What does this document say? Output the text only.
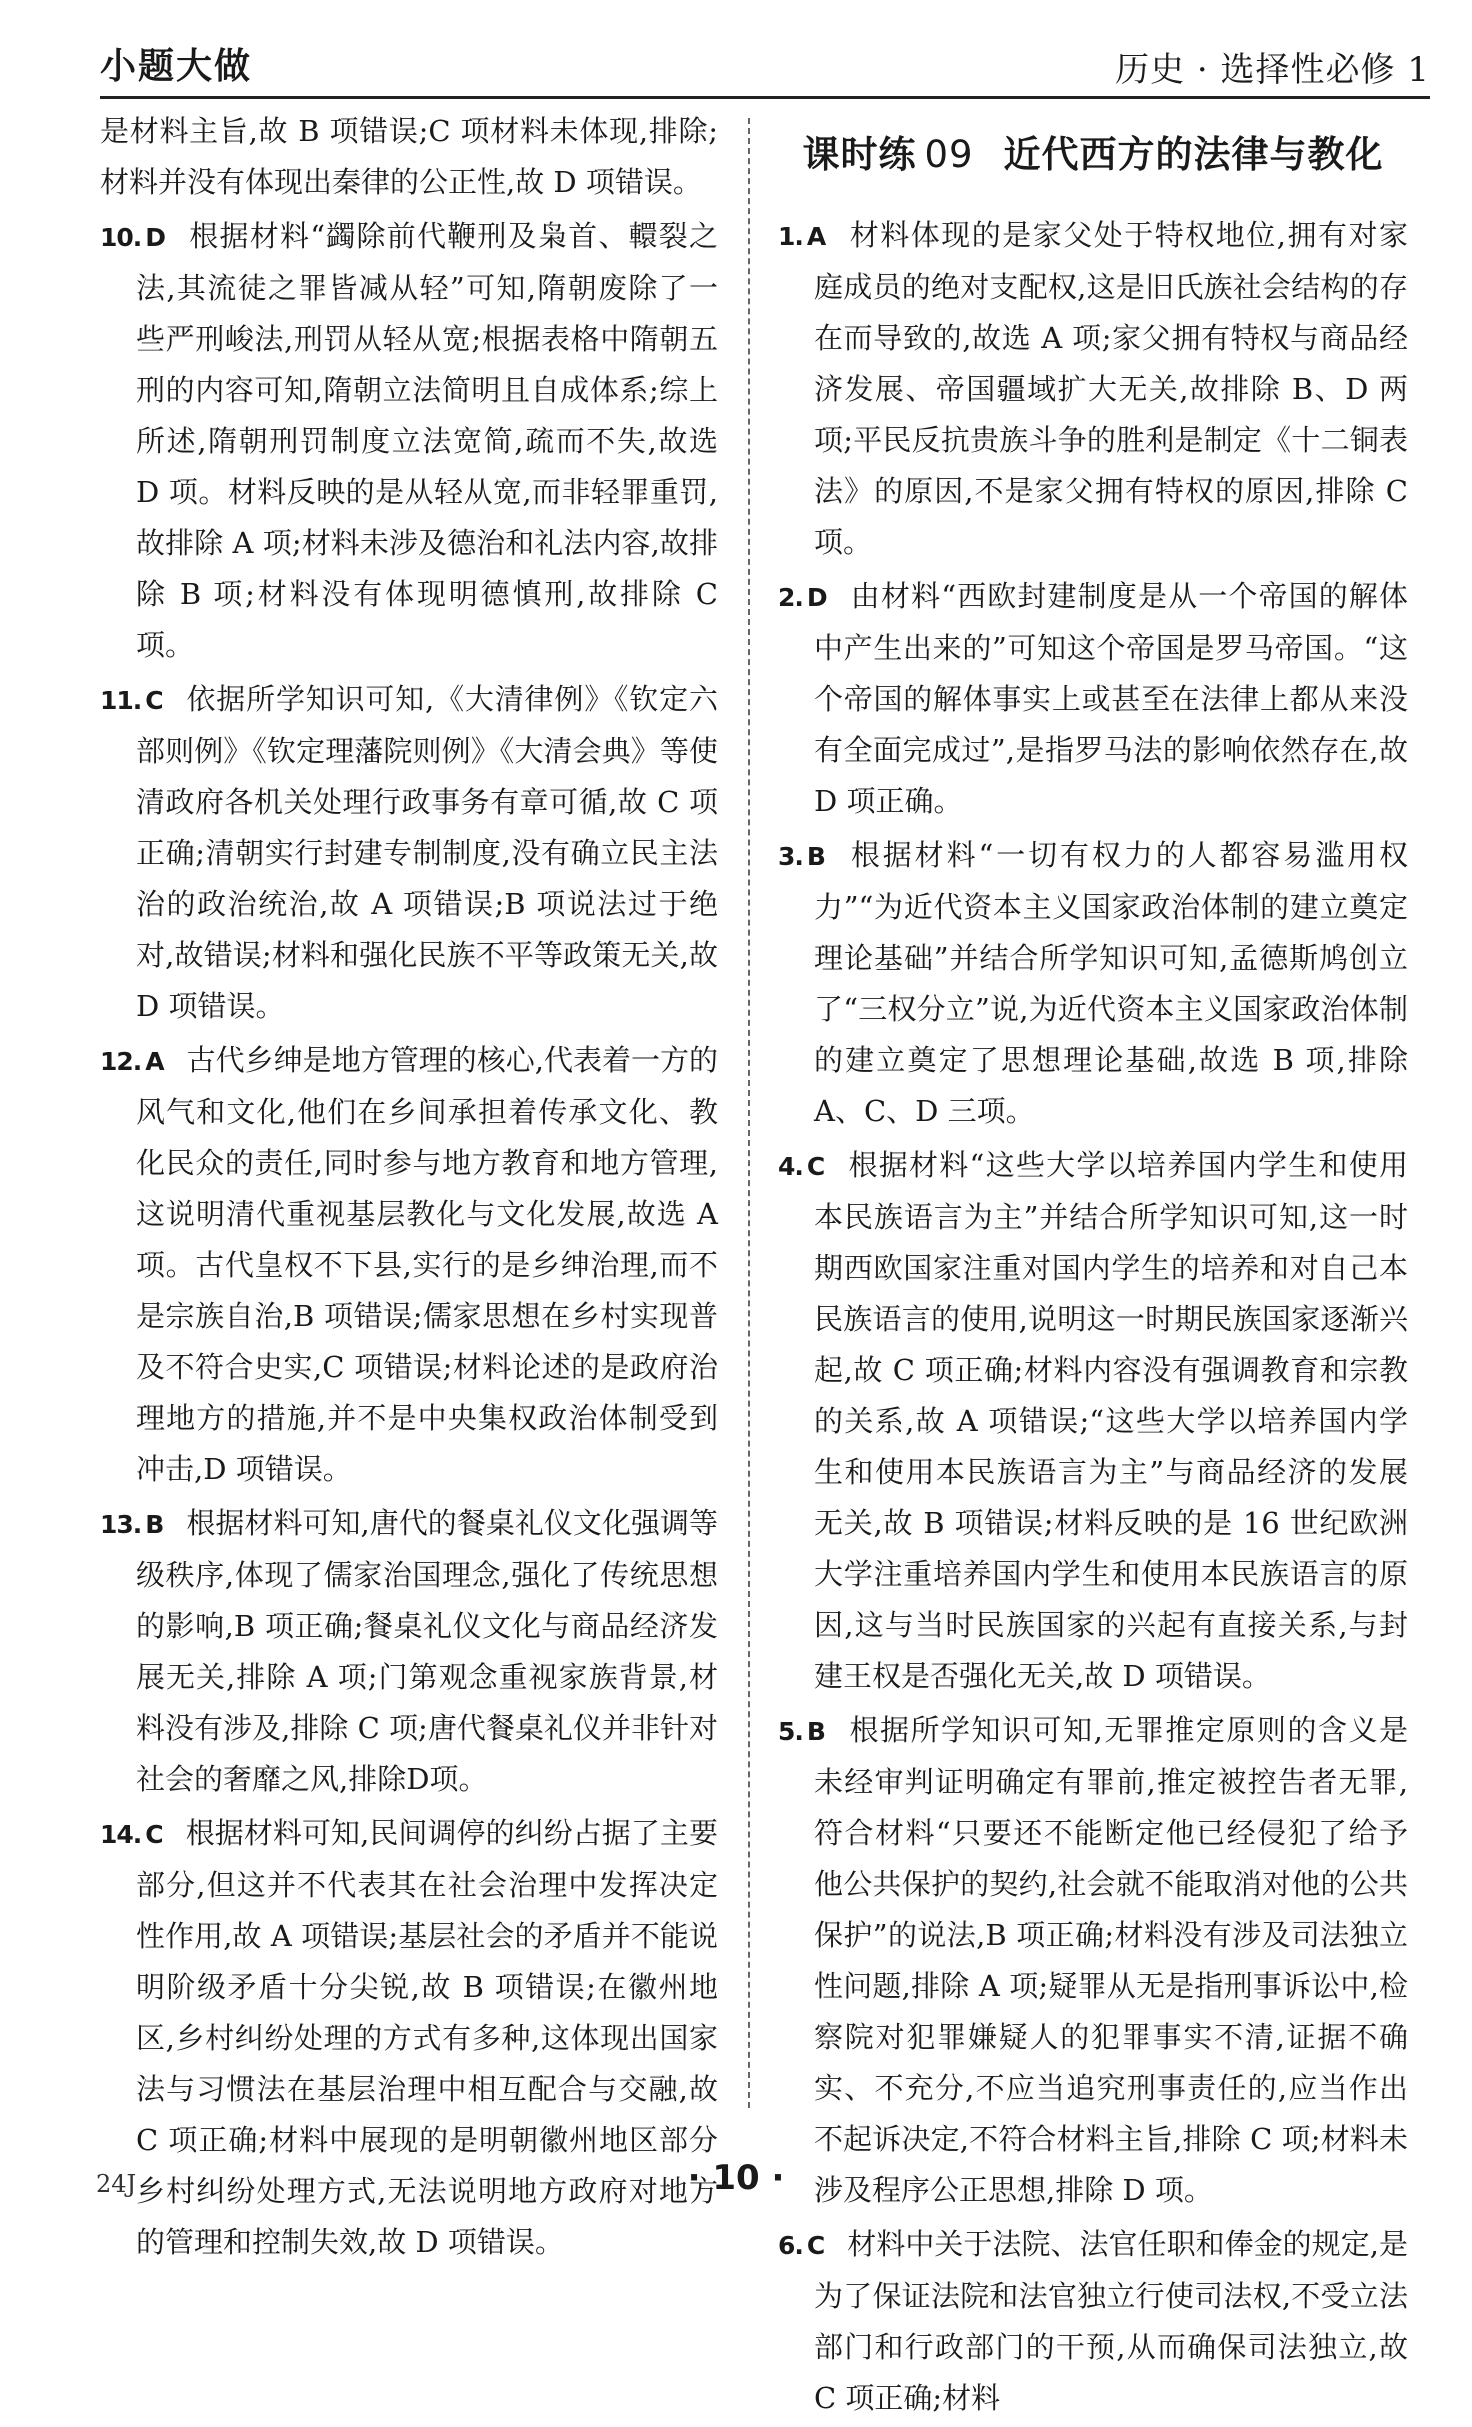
小题大做	历史 · 选择性必修 1
是材料主旨,故 B 项错误;C 项材料未体现,排除;材料并没有体现出秦律的公正性,故 D 项错误。
10. D 根据材料“蠲除前代鞭刑及枭首、轘裂之法,其流徒之罪皆减从轻”可知,隋朝废除了一些严刑峻法,刑罚从轻从宽;根据表格中隋朝五刑的内容可知,隋朝立法简明且自成体系;综上所述,隋朝刑罚制度立法宽简,疏而不失,故选 D 项。材料反映的是从轻从宽,而非轻罪重罚,故排除 A 项;材料未涉及德治和礼法内容,故排除 B 项;材料没有体现明德慎刑,故排除 C 项。
11. C 依据所学知识可知,《大清律例》《钦定六部则例》《钦定理藩院则例》《大清会典》等使清政府各机关处理行政事务有章可循,故 C 项正确;清朝实行封建专制制度,没有确立民主法治的政治统治,故 A 项错误;B 项说法过于绝对,故错误;材料和强化民族不平等政策无关,故 D 项错误。
12. A 古代乡绅是地方管理的核心,代表着一方的风气和文化,他们在乡间承担着传承文化、教化民众的责任,同时参与地方教育和地方管理,这说明清代重视基层教化与文化发展,故选 A 项。古代皇权不下县,实行的是乡绅治理,而不是宗族自治,B 项错误;儒家思想在乡村实现普及不符合史实,C 项错误;材料论述的是政府治理地方的措施,并不是中央集权政治体制受到冲击,D 项错误。
13. B 根据材料可知,唐代的餐桌礼仪文化强调等级秩序,体现了儒家治国理念,强化了传统思想的影响,B 项正确;餐桌礼仪文化与商品经济发展无关,排除 A 项;门第观念重视家族背景,材料没有涉及,排除 C 项;唐代餐桌礼仪并非针对社会的奢靡之风,排除D项。
14. C 根据材料可知,民间调停的纠纷占据了主要部分,但这并不代表其在社会治理中发挥决定性作用,故 A 项错误;基层社会的矛盾并不能说明阶级矛盾十分尖锐,故 B 项错误;在徽州地区,乡村纠纷处理的方式有多种,这体现出国家法与习惯法在基层治理中相互配合与交融,故 C 项正确;材料中展现的是明朝徽州地区部分乡村纠纷处理方式,无法说明地方政府对地方的管理和控制失效,故 D 项错误。
课时练 09 近代西方的法律与教化
1. A 材料体现的是家父处于特权地位,拥有对家庭成员的绝对支配权,这是旧氏族社会结构的存在而导致的,故选 A 项;家父拥有特权与商品经济发展、帝国疆域扩大无关,故排除 B、D 两项;平民反抗贵族斗争的胜利是制定《十二铜表法》的原因,不是家父拥有特权的原因,排除 C 项。
2. D 由材料“西欧封建制度是从一个帝国的解体中产生出来的”可知这个帝国是罗马帝国。“这个帝国的解体事实上或甚至在法律上都从来没有全面完成过”,是指罗马法的影响依然存在,故 D 项正确。
3. B 根据材料“一切有权力的人都容易滥用权力”“为近代资本主义国家政治体制的建立奠定理论基础”并结合所学知识可知,孟德斯鸠创立了“三权分立”说,为近代资本主义国家政治体制的建立奠定了思想理论基础,故选 B 项,排除 A、C、D 三项。
4. C 根据材料“这些大学以培养国内学生和使用本民族语言为主”并结合所学知识可知,这一时期西欧国家注重对国内学生的培养和对自己本民族语言的使用,说明这一时期民族国家逐渐兴起,故 C 项正确;材料内容没有强调教育和宗教的关系,故 A 项错误;“这些大学以培养国内学生和使用本民族语言为主”与商品经济的发展无关,故 B 项错误;材料反映的是 16 世纪欧洲大学注重培养国内学生和使用本民族语言的原因,这与当时民族国家的兴起有直接关系,与封建王权是否强化无关,故 D 项错误。
5. B 根据所学知识可知,无罪推定原则的含义是未经审判证明确定有罪前,推定被控告者无罪,符合材料“只要还不能断定他已经侵犯了给予他公共保护的契约,社会就不能取消对他的公共保护”的说法,B 项正确;材料没有涉及司法独立性问题,排除 A 项;疑罪从无是指刑事诉讼中,检察院对犯罪嫌疑人的犯罪事实不清,证据不确实、不充分,不应当追究刑事责任的,应当作出不起诉决定,不符合材料主旨,排除 C 项;材料未涉及程序公正思想,排除 D 项。
6. C 材料中关于法院、法官任职和俸金的规定,是为了保证法院和法官独立行使司法权,不受立法部门和行政部门的干预,从而确保司法独立,故 C 项正确;材料
24J	· 10 ·
